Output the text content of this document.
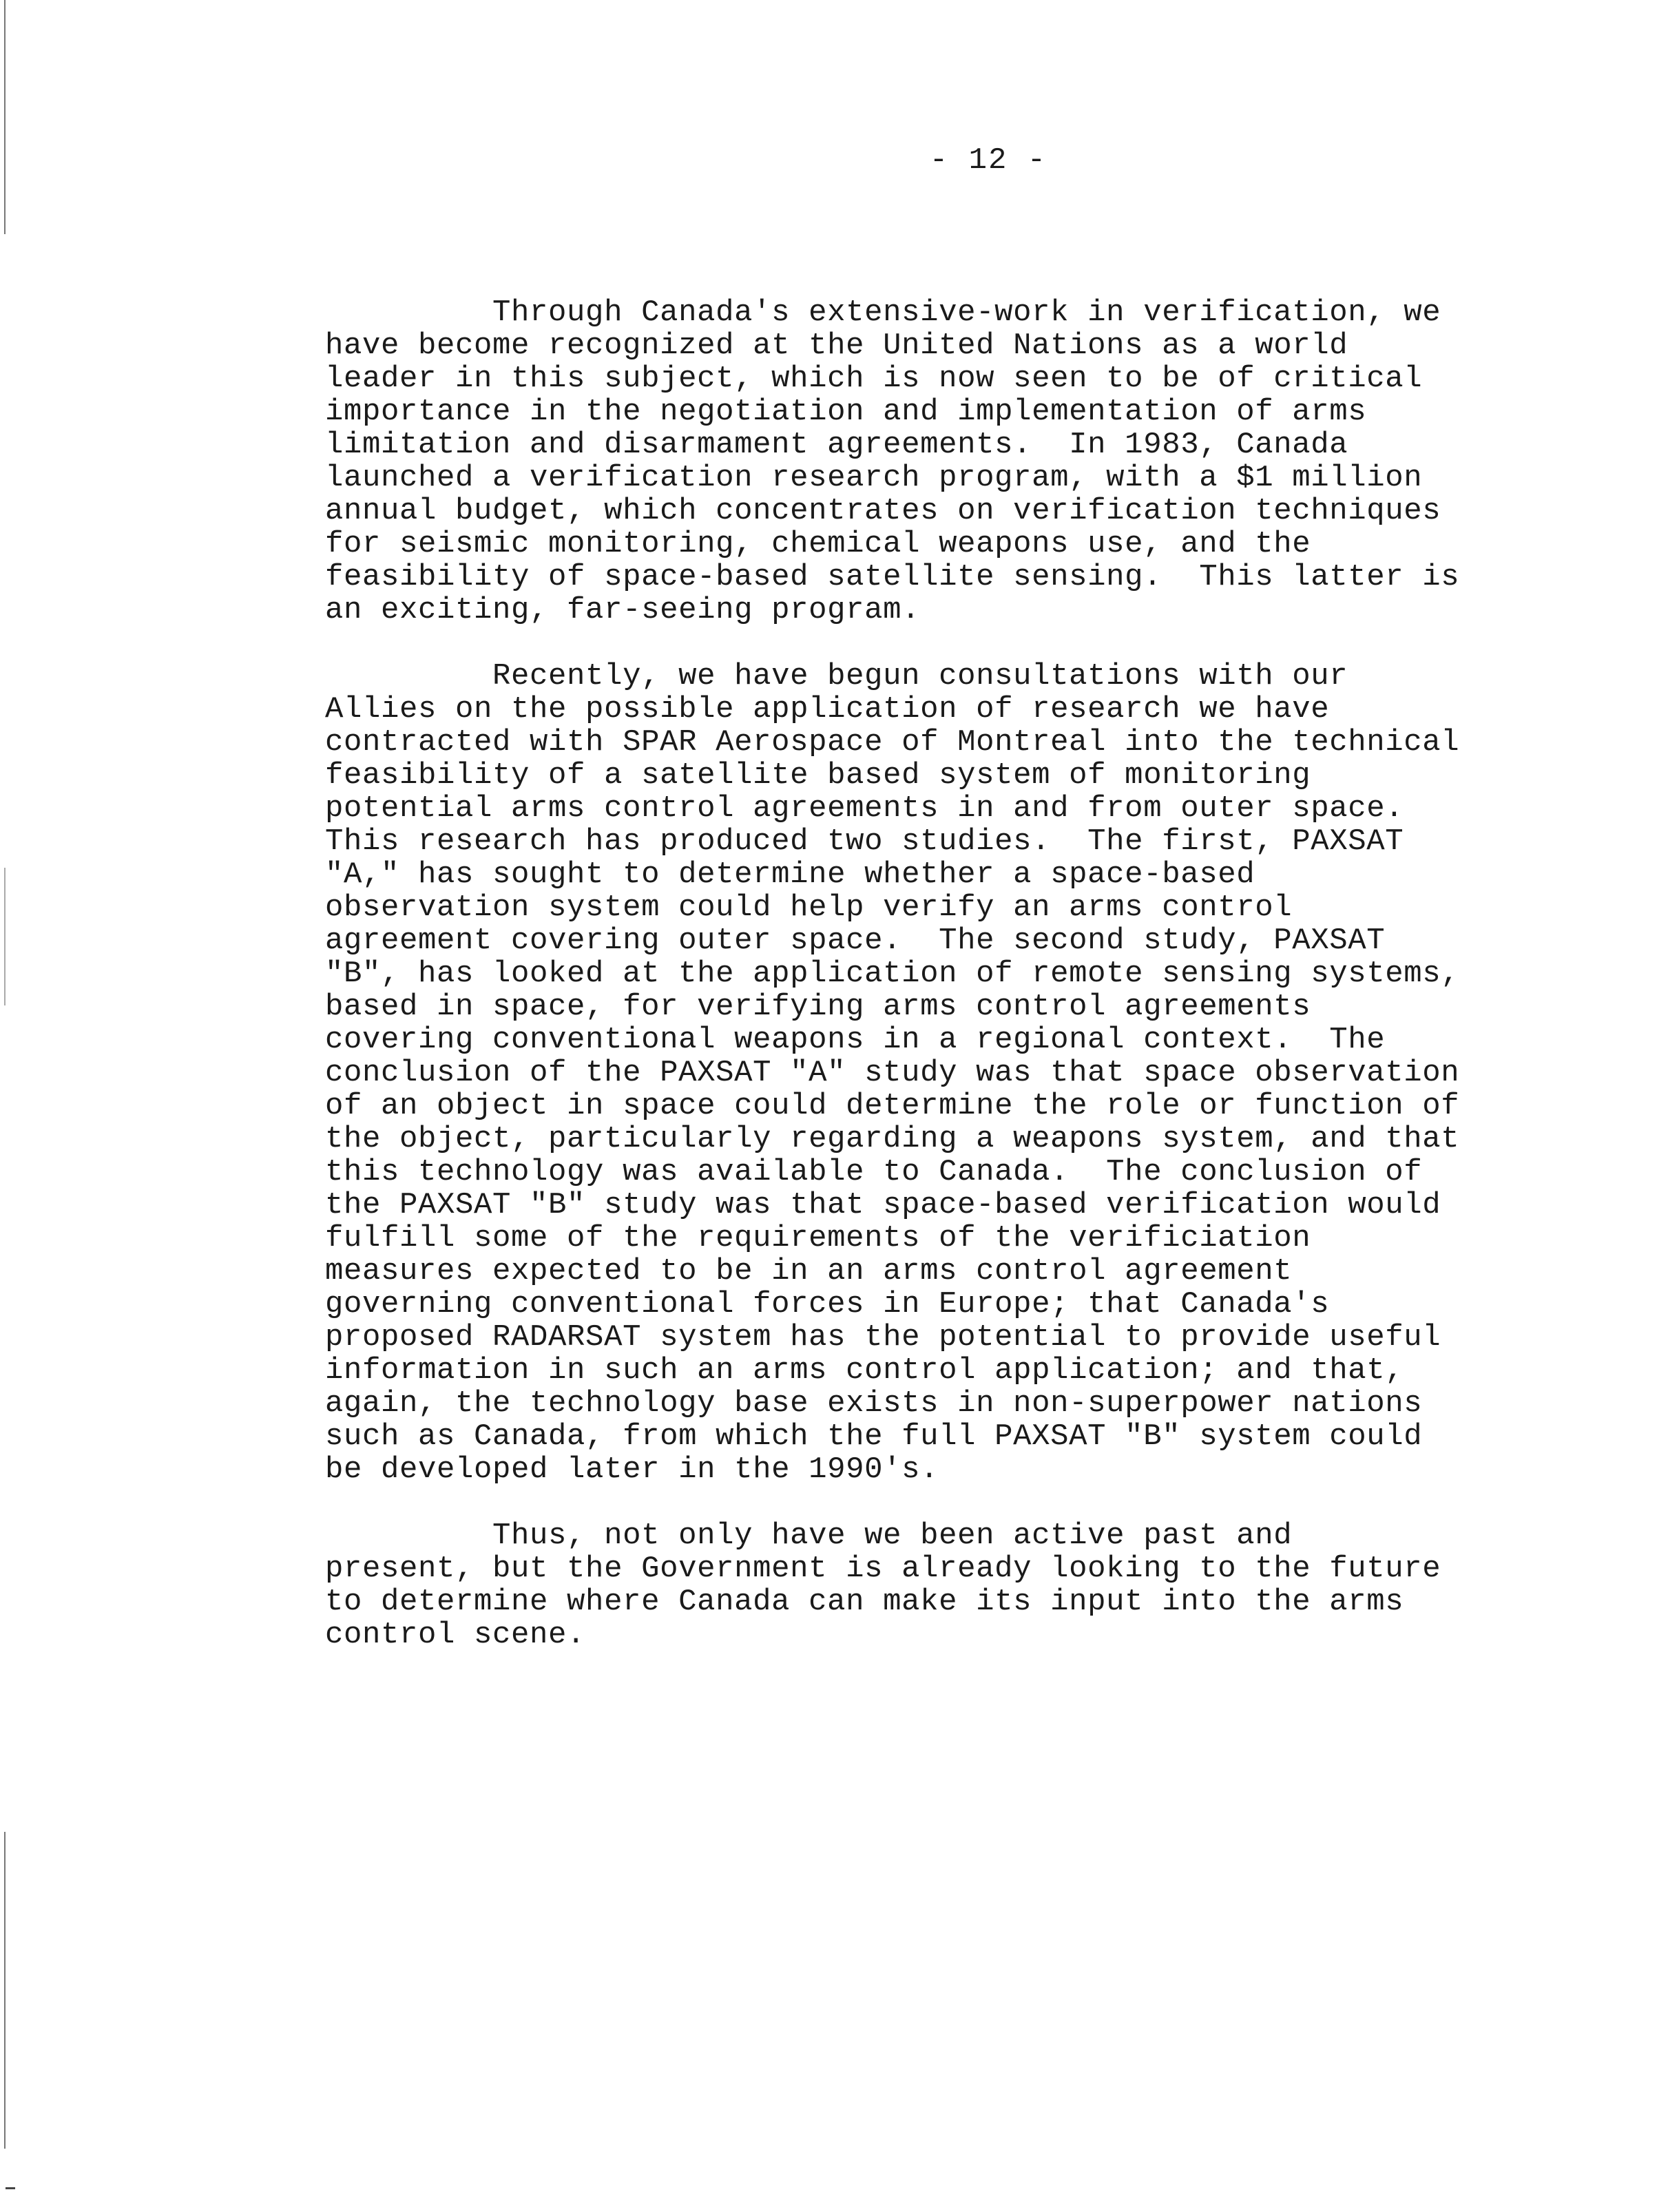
- 12 -
Through Canada's extensive-work in verification, we
have become recognized at the United Nations as a world
leader in this subject, which is now seen to be of critical
importance in the negotiation and implementation of arms
limitation and disarmament agreements.  In 1983, Canada
launched a verification research program, with a $1 million
annual budget, which concentrates on verification techniques
for seismic monitoring, chemical weapons use, and the
feasibility of space-based satellite sensing.  This latter is
an exciting, far-seeing program.
Recently, we have begun consultations with our
Allies on the possible application of research we have
contracted with SPAR Aerospace of Montreal into the technical
feasibility of a satellite based system of monitoring
potential arms control agreements in and from outer space.
This research has produced two studies.  The first, PAXSAT
"A," has sought to determine whether a space-based
observation system could help verify an arms control
agreement covering outer space.  The second study, PAXSAT
"B", has looked at the application of remote sensing systems,
based in space, for verifying arms control agreements
covering conventional weapons in a regional context.  The
conclusion of the PAXSAT "A" study was that space observation
of an object in space could determine the role or function of
the object, particularly regarding a weapons system, and that
this technology was available to Canada.  The conclusion of
the PAXSAT "B" study was that space-based verification would
fulfill some of the requirements of the verificiation
measures expected to be in an arms control agreement
governing conventional forces in Europe; that Canada's
proposed RADARSAT system has the potential to provide useful
information in such an arms control application; and that,
again, the technology base exists in non-superpower nations
such as Canada, from which the full PAXSAT "B" system could
be developed later in the 1990's.
Thus, not only have we been active past and
present, but the Government is already looking to the future
to determine where Canada can make its input into the arms
control scene.
